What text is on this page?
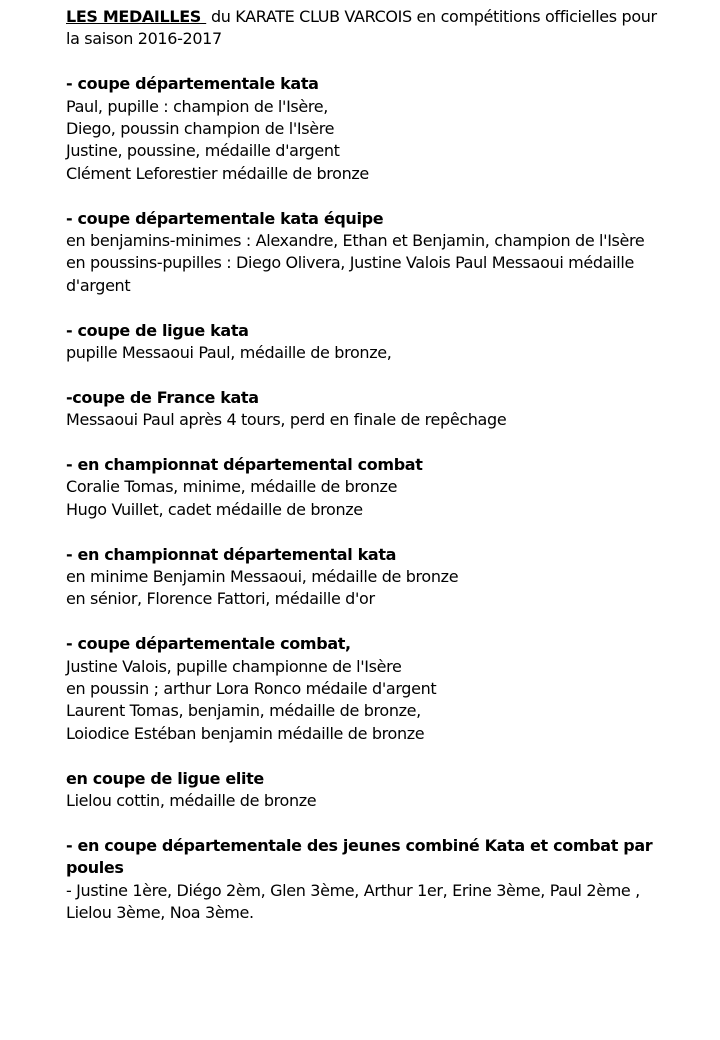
LES MEDAILLES  du KARATE CLUB VARCOIS en compétitions officielles pour la saison 2016-2017

- coupe départementale kata

Paul, pupille : champion de l'Isère,

Diego, poussin champion de l'Isère

Justine, poussine, médaille d'argent

Clément Leforestier médaille de bronze

- coupe départementale kata équipe

en benjamins-minimes : Alexandre, Ethan et Benjamin, champion de l'Isère

en poussins-pupilles : Diego Olivera, Justine Valois Paul Messaoui médaille d'argent

- coupe de ligue kata

pupille Messaoui Paul, médaille de bronze,

-coupe de France kata

Messaoui Paul après 4 tours, perd en finale de repêchage

- en championnat départemental combat

Coralie Tomas, minime, médaille de bronze

Hugo Vuillet, cadet médaille de bronze

- en championnat départemental kata

en minime Benjamin Messaoui, médaille de bronze

en sénior, Florence Fattori, médaille d'or

- coupe départementale combat,

Justine Valois, pupille championne de l'Isère

en poussin ; arthur Lora Ronco médaile d'argent

Laurent Tomas, benjamin, médaille de bronze,

Loiodice Estéban benjamin médaille de bronze

en coupe de ligue elite

Lielou cottin, médaille de bronze

- en coupe départementale des jeunes combiné Kata et combat par poules

- Justine 1ère, Diégo 2èm, Glen 3ème, Arthur 1er, Erine 3ème, Paul 2ème , Lielou 3ème, Noa 3ème.
